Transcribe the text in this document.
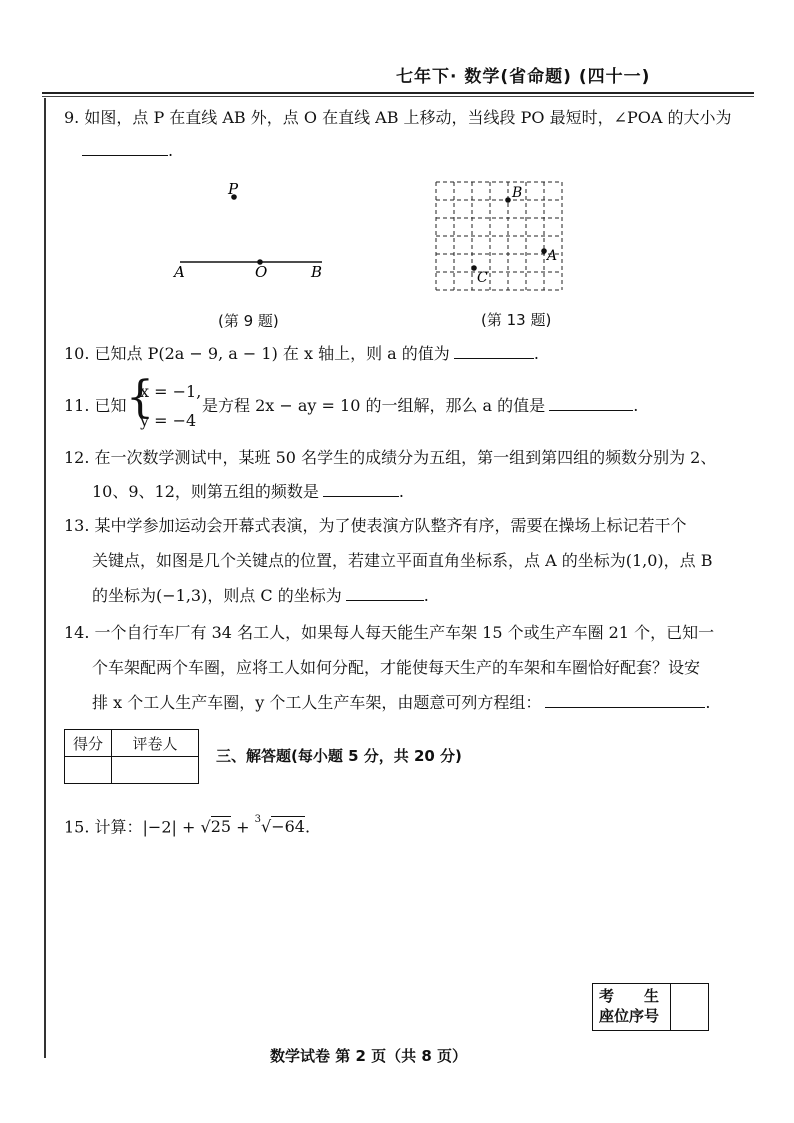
七年下· 数学(省命题) (四十一)
9. 如图，点 P 在直线 AB 外，点 O 在直线 AB 上移动，当线段 PO 最短时，∠POA 的大小为
.
P
A	O	B
(第 9 题)
B
A
C
(第 13 题)
10. 已知点 P(2a − 9, a − 1) 在 x 轴上，则 a 的值为	.
11. 已知 {
x = −1,
y = −4
是方程 2x − ay = 10 的一组解，那么 a 的值是	.
12. 在一次数学测试中，某班 50 名学生的成绩分为五组，第一组到第四组的频数分别为 2、
10、9、12，则第五组的频数是	.
13. 某中学参加运动会开幕式表演，为了使表演方队整齐有序，需要在操场上标记若干个
关键点，如图是几个关键点的位置，若建立平面直角坐标系，点 A 的坐标为(1,0)，点 B
的坐标为(−1,3)，则点 C 的坐标为	.
14. 一个自行车厂有 34 名工人，如果每人每天能生产车架 15 个或生产车圈 21 个，已知一
个车架配两个车圈，应将工人如何分配，才能使每天生产的车架和车圈恰好配套？设安
排 x 个工人生产车圈，y 个工人生产车架，由题意可列方程组：	.
得分	评卷人

三、解答题(每小题 5 分，共 20 分)
15. 计算：|−2| + √25 + $^3$√−64.
考　　生
座位序号
数学试卷 第 2 页（共 8 页）
